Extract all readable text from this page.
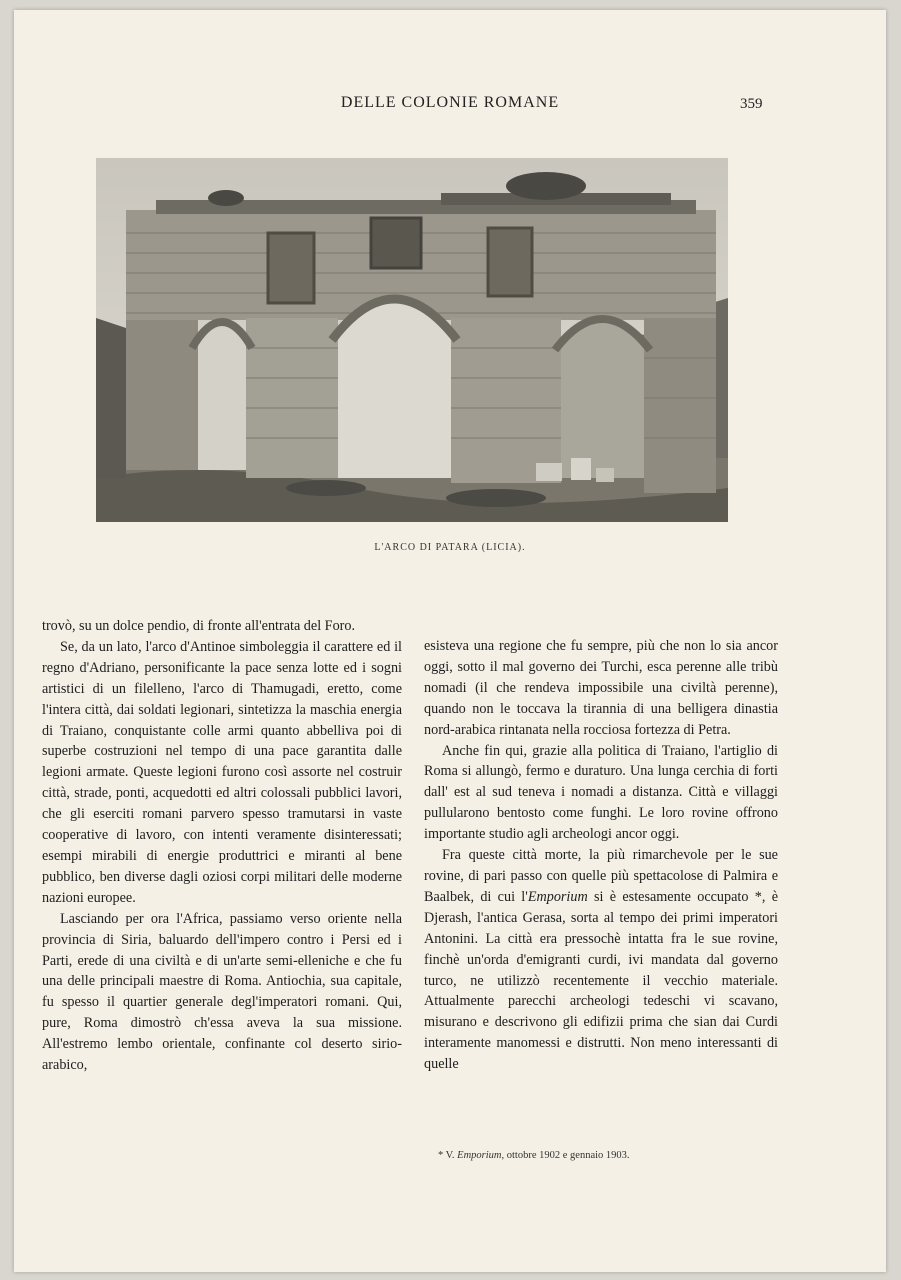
DELLE COLONIE ROMANE	359
L'ARCO DI PATARA (LICIA).

trovò, su un dolce pendio, di fronte all'entrata del Foro.

Se, da un lato, l'arco d'Antinoe simboleggia il carattere ed il regno d'Adriano, personificante la pace senza lotte ed i sogni artistici di un filelleno, l'arco di Thamugadi, eretto, come l'intera città, dai soldati legionari, sintetizza la maschia energia di Traiano, conquistante colle armi quanto abbelliva poi di superbe costruzioni nel tempo di una pace garantita dalle legioni armate. Queste legioni furono così assorte nel costruir città, strade, ponti, acquedotti ed altri colossali pubblici lavori, che gli eserciti romani parvero spesso tramutarsi in vaste cooperative di lavoro, con intenti veramente disinteressati; esempi mirabili di energie produttrici e miranti al bene pubblico, ben diverse dagli oziosi corpi militari delle moderne nazioni europee.

Lasciando per ora l'Africa, passiamo verso oriente nella provincia di Siria, baluardo dell'impero contro i Persi ed i Parti, erede di una civiltà e di un'arte semi-elleniche e che fu una delle principali maestre di Roma. Antiochia, sua capitale, fu spesso il quartier generale degl'imperatori romani. Qui, pure, Roma dimostrò ch'essa aveva la sua missione. All'estremo lembo orientale, confinante col deserto sirio-arabico,

esisteva una regione che fu sempre, più che non lo sia ancor oggi, sotto il mal governo dei Turchi, esca perenne alle tribù nomadi (il che rendeva impossibile una civiltà perenne), quando non le toccava la tirannia di una belligera dinastia nord-arabica rintanata nella rocciosa fortezza di Petra.

Anche fin qui, grazie alla politica di Traiano, l'artiglio di Roma si allungò, fermo e duraturo. Una lunga cerchia di forti dall' est al sud teneva i nomadi a distanza. Città e villaggi pullularono bentosto come funghi. Le loro rovine offrono importante studio agli archeologi ancor oggi.

Fra queste città morte, la più rimarchevole per le sue rovine, di pari passo con quelle più spettacolose di Palmira e Baalbek, di cui l'Emporium si è estesamente occupato *, è Djerash, l'antica Gerasa, sorta al tempo dei primi imperatori Antonini. La città era pressochè intatta fra le sue rovine, finchè un'orda d'emigranti curdi, ivi mandata dal governo turco, ne utilizzò recentemente il vecchio materiale. Attualmente parecchi archeologi tedeschi vi scavano, misurano e descrivono gli edifizii prima che sian dai Curdi interamente manomessi e distrutti. Non meno interessanti di quelle

* V. Emporium, ottobre 1902 e gennaio 1903.
